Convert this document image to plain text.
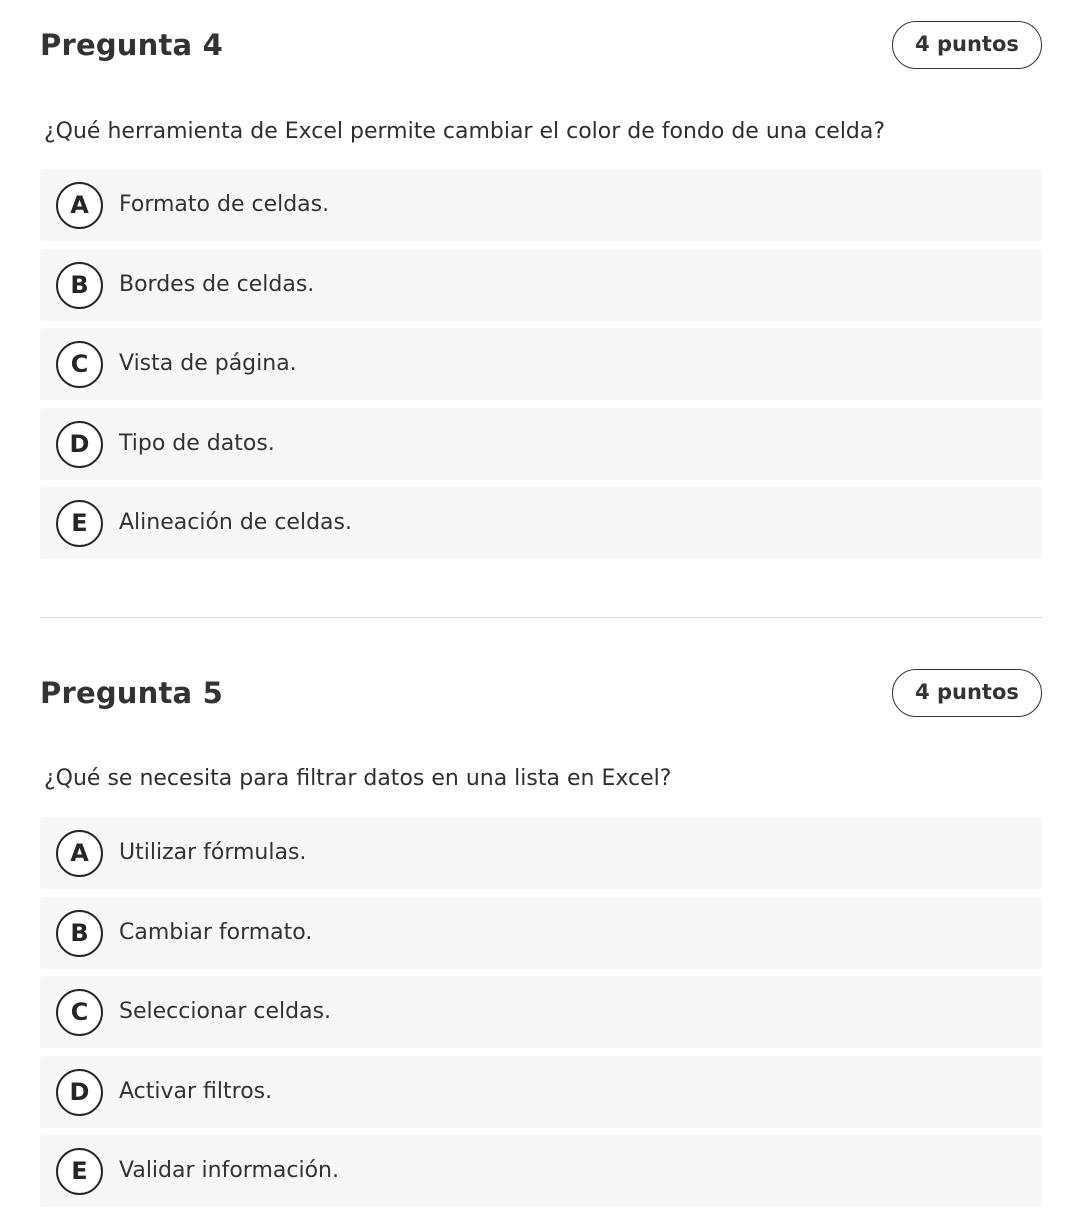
Pregunta 4	4 puntos
¿Qué herramienta de Excel permite cambiar el color de fondo de una celda?
A	Formato de celdas.
B	Bordes de celdas.
C	Vista de página.
D	Tipo de datos.
E	Alineación de celdas.
Pregunta 5	4 puntos
¿Qué se necesita para filtrar datos en una lista en Excel?
A	Utilizar fórmulas.
B	Cambiar formato.
C	Seleccionar celdas.
D	Activar filtros.
E	Validar información.
